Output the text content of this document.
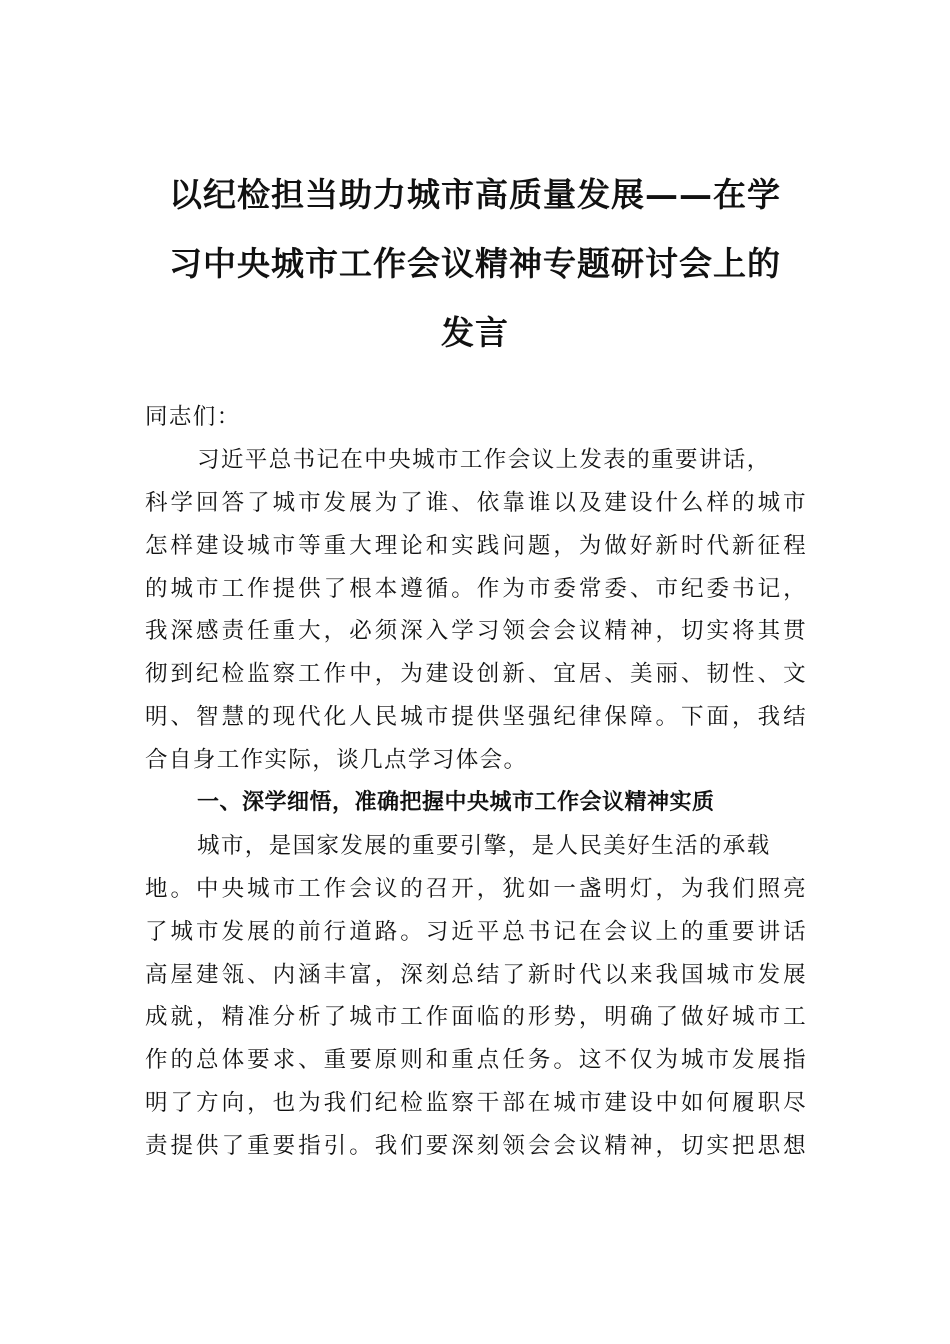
以纪检担当助力城市高质量发展——在学
习中央城市工作会议精神专题研讨会上的
发言
同志们：
习近平总书记在中央城市工作会议上发表的重要讲话，
科学回答了城市发展为了谁、依靠谁以及建设什么样的城市
怎样建设城市等重大理论和实践问题，为做好新时代新征程
的城市工作提供了根本遵循。作为市委常委、市纪委书记，
我深感责任重大，必须深入学习领会会议精神，切实将其贯
彻到纪检监察工作中，为建设创新、宜居、美丽、韧性、文
明、智慧的现代化人民城市提供坚强纪律保障。下面，我结
合自身工作实际，谈几点学习体会。
一、深学细悟，准确把握中央城市工作会议精神实质
城市，是国家发展的重要引擎，是人民美好生活的承载
地。中央城市工作会议的召开，犹如一盏明灯，为我们照亮
了城市发展的前行道路。习近平总书记在会议上的重要讲话
高屋建瓴、内涵丰富，深刻总结了新时代以来我国城市发展
成就，精准分析了城市工作面临的形势，明确了做好城市工
作的总体要求、重要原则和重点任务。这不仅为城市发展指
明了方向，也为我们纪检监察干部在城市建设中如何履职尽
责提供了重要指引。我们要深刻领会会议精神，切实把思想
